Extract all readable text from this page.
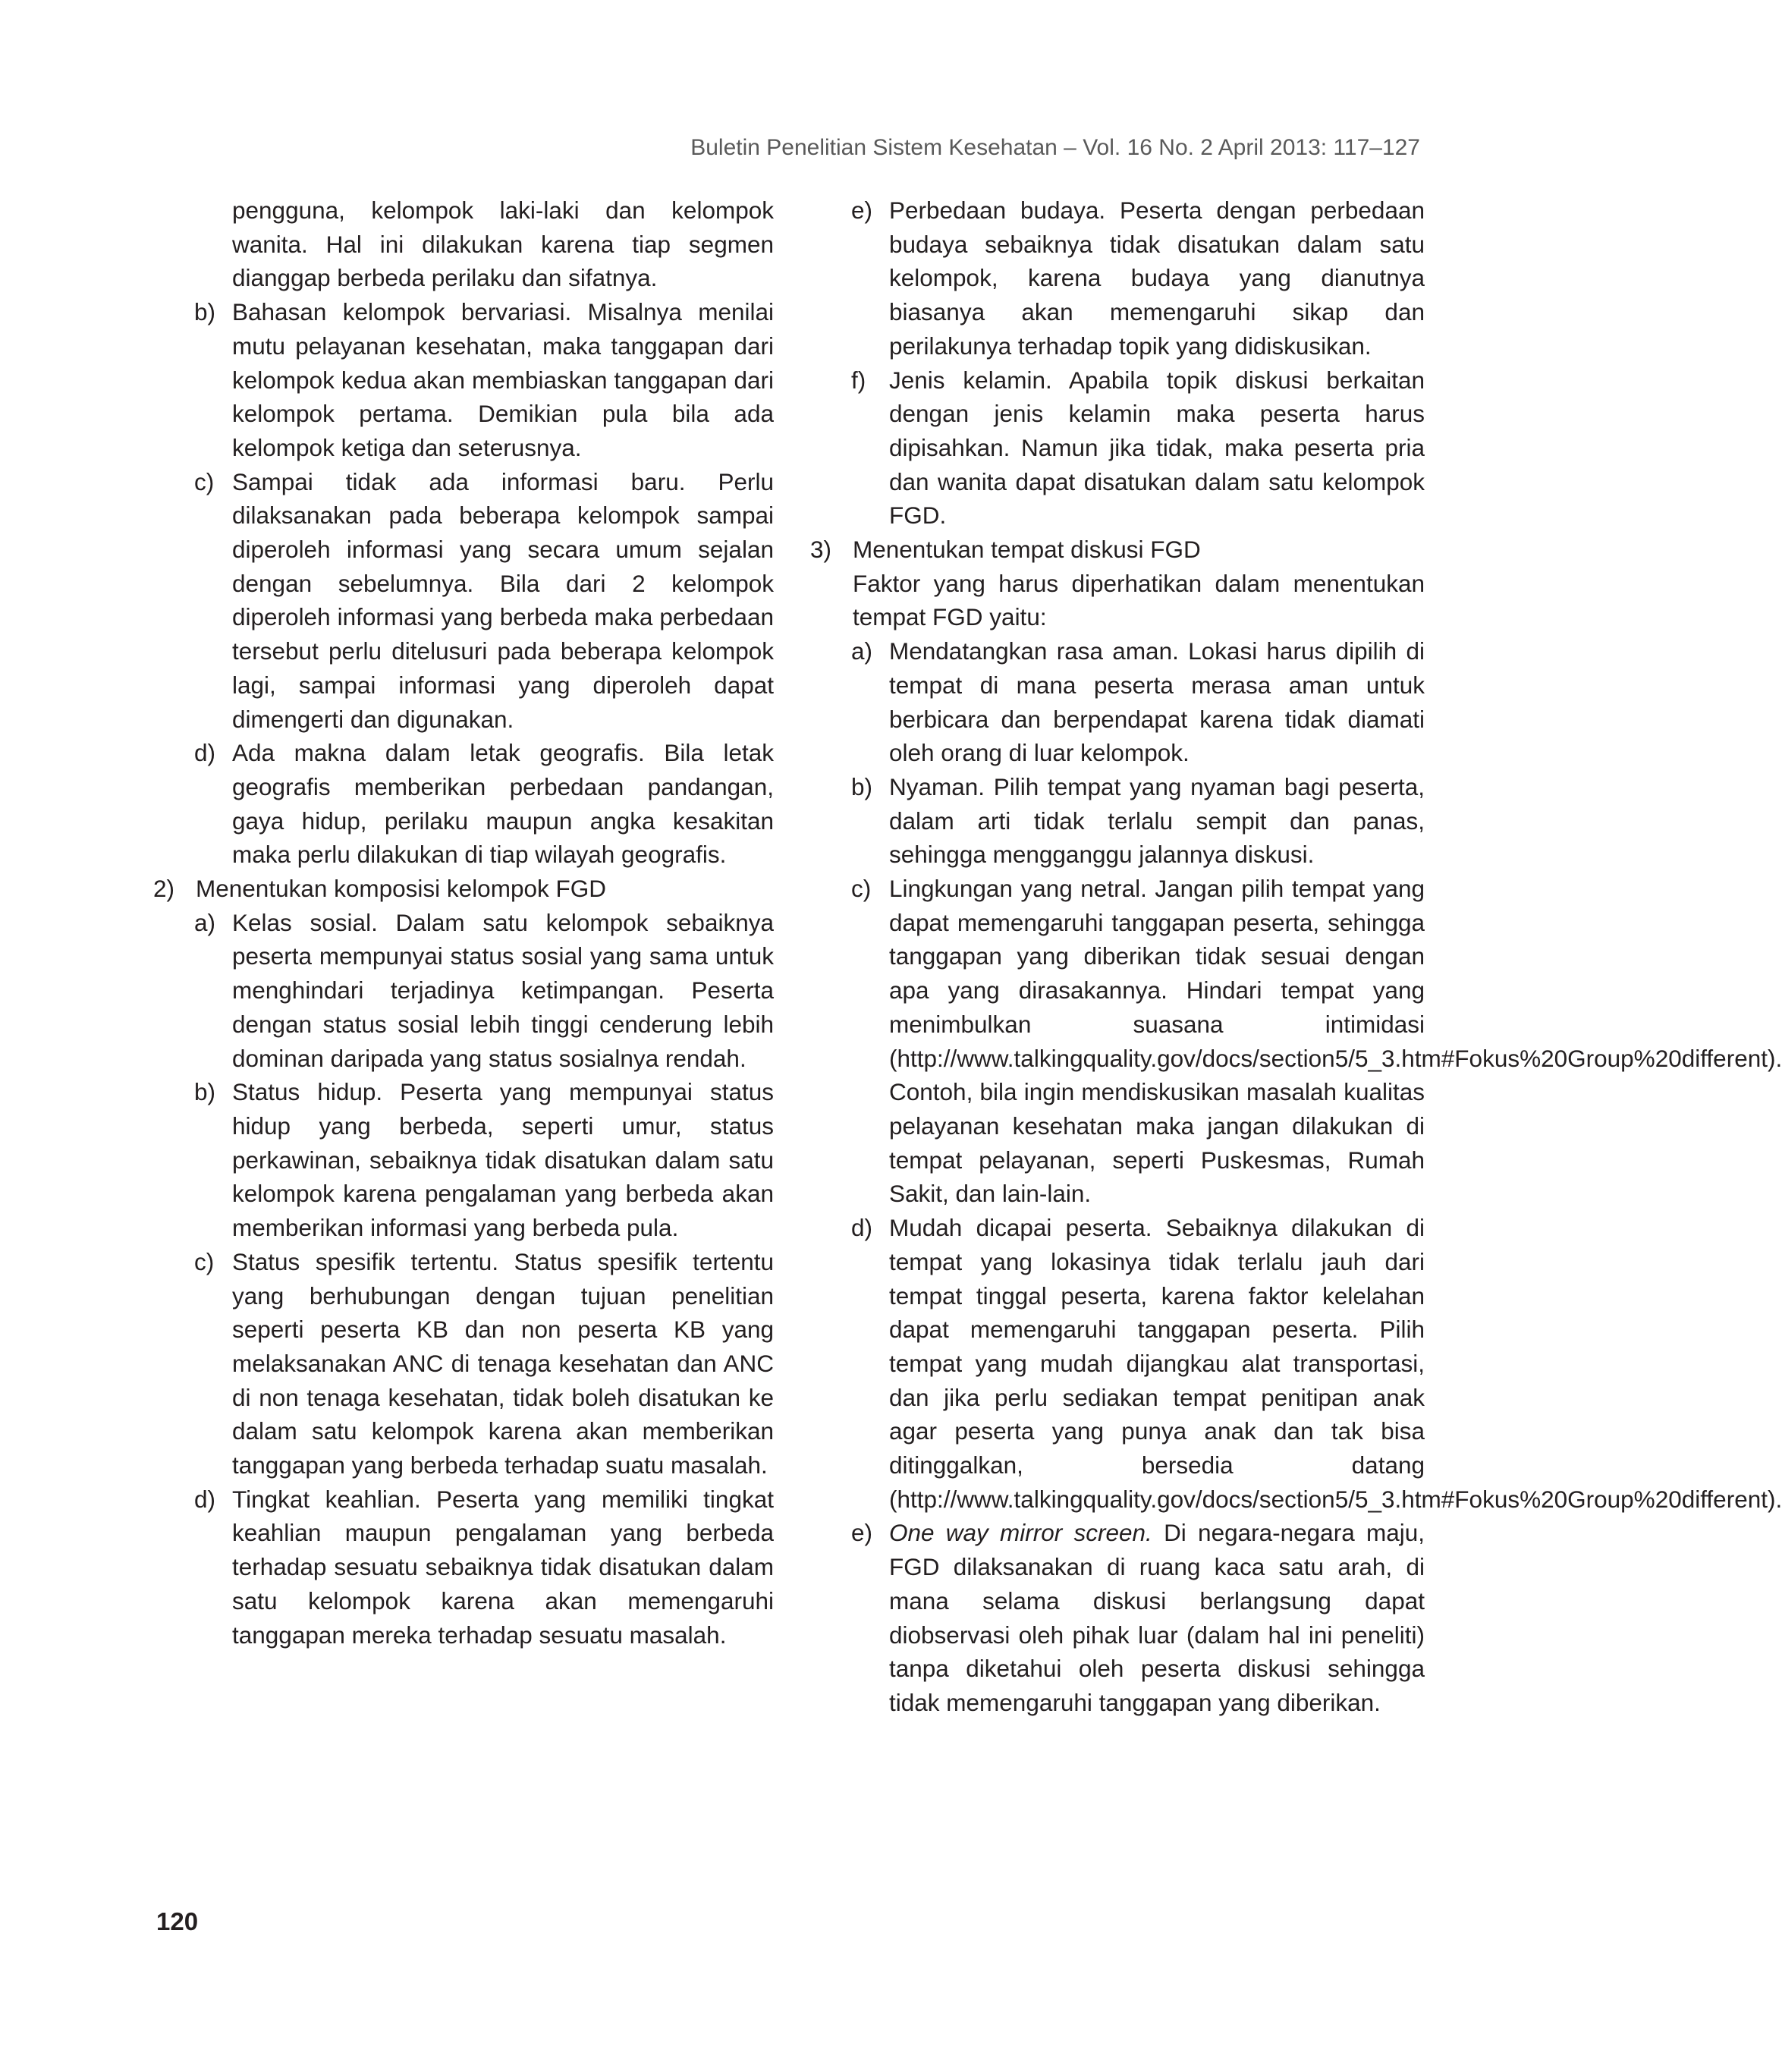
Buletin Penelitian Sistem Kesehatan – Vol. 16 No. 2 April 2013: 117–127

pengguna, kelompok laki-laki dan kelompok wanita. Hal ini dilakukan karena tiap segmen dianggap berbeda perilaku dan sifatnya.

b) Bahasan kelompok bervariasi. Misalnya menilai mutu pelayanan kesehatan, maka tanggapan dari kelompok kedua akan membiaskan tanggapan dari kelompok pertama. Demikian pula bila ada kelompok ketiga dan seterusnya.
c) Sampai tidak ada informasi baru. Perlu dilaksanakan pada beberapa kelompok sampai diperoleh informasi yang secara umum sejalan dengan sebelumnya. Bila dari 2 kelompok diperoleh informasi yang berbeda maka perbedaan tersebut perlu ditelusuri pada beberapa kelompok lagi, sampai informasi yang diperoleh dapat dimengerti dan digunakan.
d) Ada makna dalam letak geografis. Bila letak geografis memberikan perbedaan pandangan, gaya hidup, perilaku maupun angka kesakitan maka perlu dilakukan di tiap wilayah geografis.
2) Menentukan komposisi kelompok FGD
a) Kelas sosial. Dalam satu kelompok sebaiknya peserta mempunyai status sosial yang sama untuk menghindari terjadinya ketimpangan. Peserta dengan status sosial lebih tinggi cenderung lebih dominan daripada yang status sosialnya rendah.
b) Status hidup. Peserta yang mempunyai status hidup yang berbeda, seperti umur, status perkawinan, sebaiknya tidak disatukan dalam satu kelompok karena pengalaman yang berbeda akan memberikan informasi yang berbeda pula.
c) Status spesifik tertentu. Status spesifik tertentu yang berhubungan dengan tujuan penelitian seperti peserta KB dan non peserta KB yang melaksanakan ANC di tenaga kesehatan dan ANC di non tenaga kesehatan, tidak boleh disatukan ke dalam satu kelompok karena akan memberikan tanggapan yang berbeda terhadap suatu masalah.
d) Tingkat keahlian. Peserta yang memiliki tingkat keahlian maupun pengalaman yang berbeda terhadap sesuatu sebaiknya tidak disatukan dalam satu kelompok karena akan memengaruhi tanggapan mereka terhadap sesuatu masalah.
e) Perbedaan budaya. Peserta dengan perbedaan budaya sebaiknya tidak disatukan dalam satu kelompok, karena budaya yang dianutnya biasanya akan memengaruhi sikap dan perilakunya terhadap topik yang didiskusikan.
f) Jenis kelamin. Apabila topik diskusi berkaitan dengan jenis kelamin maka peserta harus dipisahkan. Namun jika tidak, maka peserta pria dan wanita dapat disatukan dalam satu kelompok FGD.
3) Menentukan tempat diskusi FGD

Faktor yang harus diperhatikan dalam menentukan tempat FGD yaitu:

a) Mendatangkan rasa aman. Lokasi harus dipilih di tempat di mana peserta merasa aman untuk berbicara dan berpendapat karena tidak diamati oleh orang di luar kelompok.
b) Nyaman. Pilih tempat yang nyaman bagi peserta, dalam arti tidak terlalu sempit dan panas, sehingga mengganggu jalannya diskusi.
c) Lingkungan yang netral. Jangan pilih tempat yang dapat memengaruhi tanggapan peserta, sehingga tanggapan yang diberikan tidak sesuai dengan apa yang dirasakannya. Hindari tempat yang menimbulkan suasana intimidasi (http://www.talkingquality.gov/docs/section5/5_3.htm#Fokus%20Group%20different). Contoh, bila ingin mendiskusikan masalah kualitas pelayanan kesehatan maka jangan dilakukan di tempat pelayanan, seperti Puskesmas, Rumah Sakit, dan lain-lain.
d) Mudah dicapai peserta. Sebaiknya dilakukan di tempat yang lokasinya tidak terlalu jauh dari tempat tinggal peserta, karena faktor kelelahan dapat memengaruhi tanggapan peserta. Pilih tempat yang mudah dijangkau alat transportasi, dan jika perlu sediakan tempat penitipan anak agar peserta yang punya anak dan tak bisa ditinggalkan, bersedia datang (http://www.talkingquality.gov/docs/section5/5_3.htm#Fokus%20Group%20different).
e) One way mirror screen. Di negara-negara maju, FGD dilaksanakan di ruang kaca satu arah, di mana selama diskusi berlangsung dapat diobservasi oleh pihak luar (dalam hal ini peneliti) tanpa diketahui oleh peserta diskusi sehingga tidak memengaruhi tanggapan yang diberikan.
120
